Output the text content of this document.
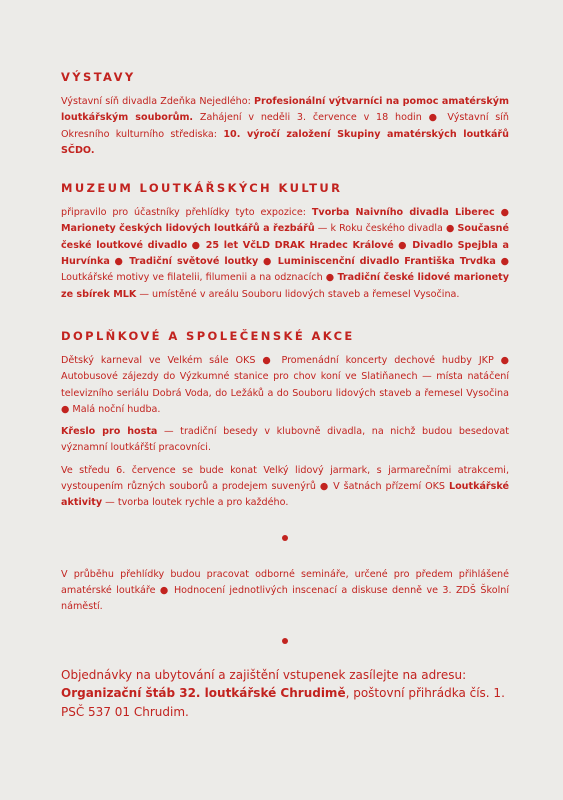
VÝSTAVY

Výstavní síň divadla Zdeňka Nejedlého: Profesionální výtvarníci na pomoc amatérským loutkářským souborům. Zahájení v neděli 3. července v 18 hodin ● Výstavní síň Okresního kulturního střediska: 10. výročí založení Skupiny amatérských loutkářů SČDO.

MUZEUM LOUTKÁŘSKÝCH KULTUR

připravilo pro účastníky přehlídky tyto expozice: Tvorba Naivního divadla Liberec ● Marionety českých lidových loutkářů a řezbářů — k Roku českého divadla ● Současné české loutkové divadlo ● 25 let VčLD DRAK Hradec Králové ● Divadlo Spejbla a Hurvínka ● Tradiční světové loutky ● Luminiscenční divadlo Františka Trvdka ● Loutkářské motivy ve filatelii, filumenii a na odznacích ● Tradiční české lidové marionety ze sbírek MLK — umístěné v areálu Souboru lidových staveb a řemesel Vysočina.

DOPLŇKOVÉ A SPOLEČENSKÉ AKCE

Dětský karneval ve Velkém sále OKS ● Promenádní koncerty dechové hudby JKP ● Autobusové zájezdy do Výzkumné stanice pro chov koní ve Slatiňanech — místa natáčení televizního seriálu Dobrá Voda, do Ležáků a do Souboru lidových staveb a řemesel Vysočina ● Malá noční hudba.

Křeslo pro hosta — tradiční besedy v klubovně divadla, na nichž budou besedovat významní loutkářští pracovníci.

Ve středu 6. července se bude konat Velký lidový jarmark, s jarmarečními atrakcemi, vystoupením různých souborů a prodejem suvenýrů ● V šatnách přízemí OKS Loutkářské aktivity — tvorba loutek rychle a pro každého.

V průběhu přehlídky budou pracovat odborné semináře, určené pro předem přihlášené amatérské loutkáře ● Hodnocení jednotlivých inscenací a diskuse denně ve 3. ZDŠ Školní náměstí.

Objednávky na ubytování a zajištění vstupenek zasílejte na adresu: Organizační štáb 32. loutkářské Chrudimě, poštovní přihrádka čís. 1. PSČ 537 01 Chrudim.
